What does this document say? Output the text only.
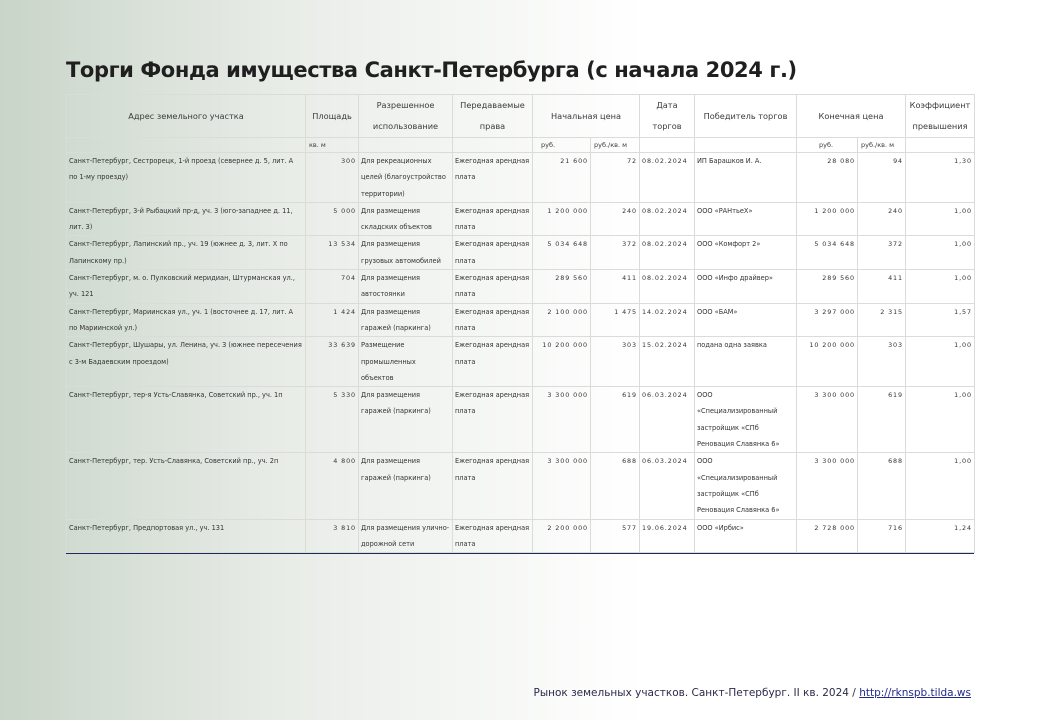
Торги Фонда имущества Санкт-Петербурга (с начала 2024 г.)
Адрес земельного участка	Площадь	Разрешенное использование	Передаваемые права	Начальная цена		Дата торгов	Победитель торгов	Конечная цена		Коэффициент превышения
	кв. м			руб.	руб./кв. м			руб.	руб./кв. м	
Санкт-Петербург, Сестрорецк, 1-й проезд (севернее д. 5, лит. А по 1-му проезду)	300	Для рекреационных целей (благоустройство территории)	Ежегодная арендная плата	21 600	72	08.02.2024	ИП Барашков И. А.	28 080	94	1,30
Санкт-Петербург, 3-й Рыбацкий пр-д, уч. 3 (юго-западнее д. 11, лит. З)	5 000	Для размещения складских объектов	Ежегодная арендная плата	1 200 000	240	08.02.2024	ООО «РАНтьеХ»	1 200 000	240	1,00
Санкт-Петербург, Лапинский пр., уч. 19 (южнее д. 3, лит. Х по Лапинскому пр.)	13 534	Для размещения грузовых автомобилей	Ежегодная арендная плата	5 034 648	372	08.02.2024	ООО «Комфорт 2»	5 034 648	372	1,00
Санкт-Петербург, м. о. Пулковский меридиан, Штурманская ул., уч. 121	704	Для размещения автостоянки	Ежегодная арендная плата	289 560	411	08.02.2024	ООО «Инфо драйвер»	289 560	411	1,00
Санкт-Петербург, Мариинская ул., уч. 1 (восточнее д. 17, лит. А по Мариинской ул.)	1 424	Для размещения гаражей (паркинга)	Ежегодная арендная плата	2 100 000	1 475	14.02.2024	ООО «БАМ»	3 297 000	2 315	1,57
Санкт-Петербург, Шушары, ул. Ленина, уч. 3 (южнее пересечения с 3-м Бадаевским проездом)	33 639	Размещение промышленных объектов	Ежегодная арендная плата	10 200 000	303	15.02.2024	подана одна заявка	10 200 000	303	1,00
Санкт-Петербург, тер-я Усть-Славянка, Советский пр., уч. 1п	5 330	Для размещения гаражей (паркинга)	Ежегодная арендная плата	3 300 000	619	06.03.2024	ООО «Специализированный застройщик «СПб Реновация Славянка 6»	3 300 000	619	1,00
Санкт-Петербург, тер. Усть-Славянка, Советский пр., уч. 2п	4 800	Для размещения гаражей (паркинга)	Ежегодная арендная плата	3 300 000	688	06.03.2024	ООО «Специализированный застройщик «СПб Реновация Славянка 6»	3 300 000	688	1,00
Санкт-Петербург, Предпортовая ул., уч. 131	3 810	Для размещения улично-дорожной сети	Ежегодная арендная плата	2 200 000	577	19.06.2024	ООО «Ирбис»	2 728 000	716	1,24
Рынок земельных участков. Санкт-Петербург. II кв. 2024 / http://rknspb.tilda.ws
